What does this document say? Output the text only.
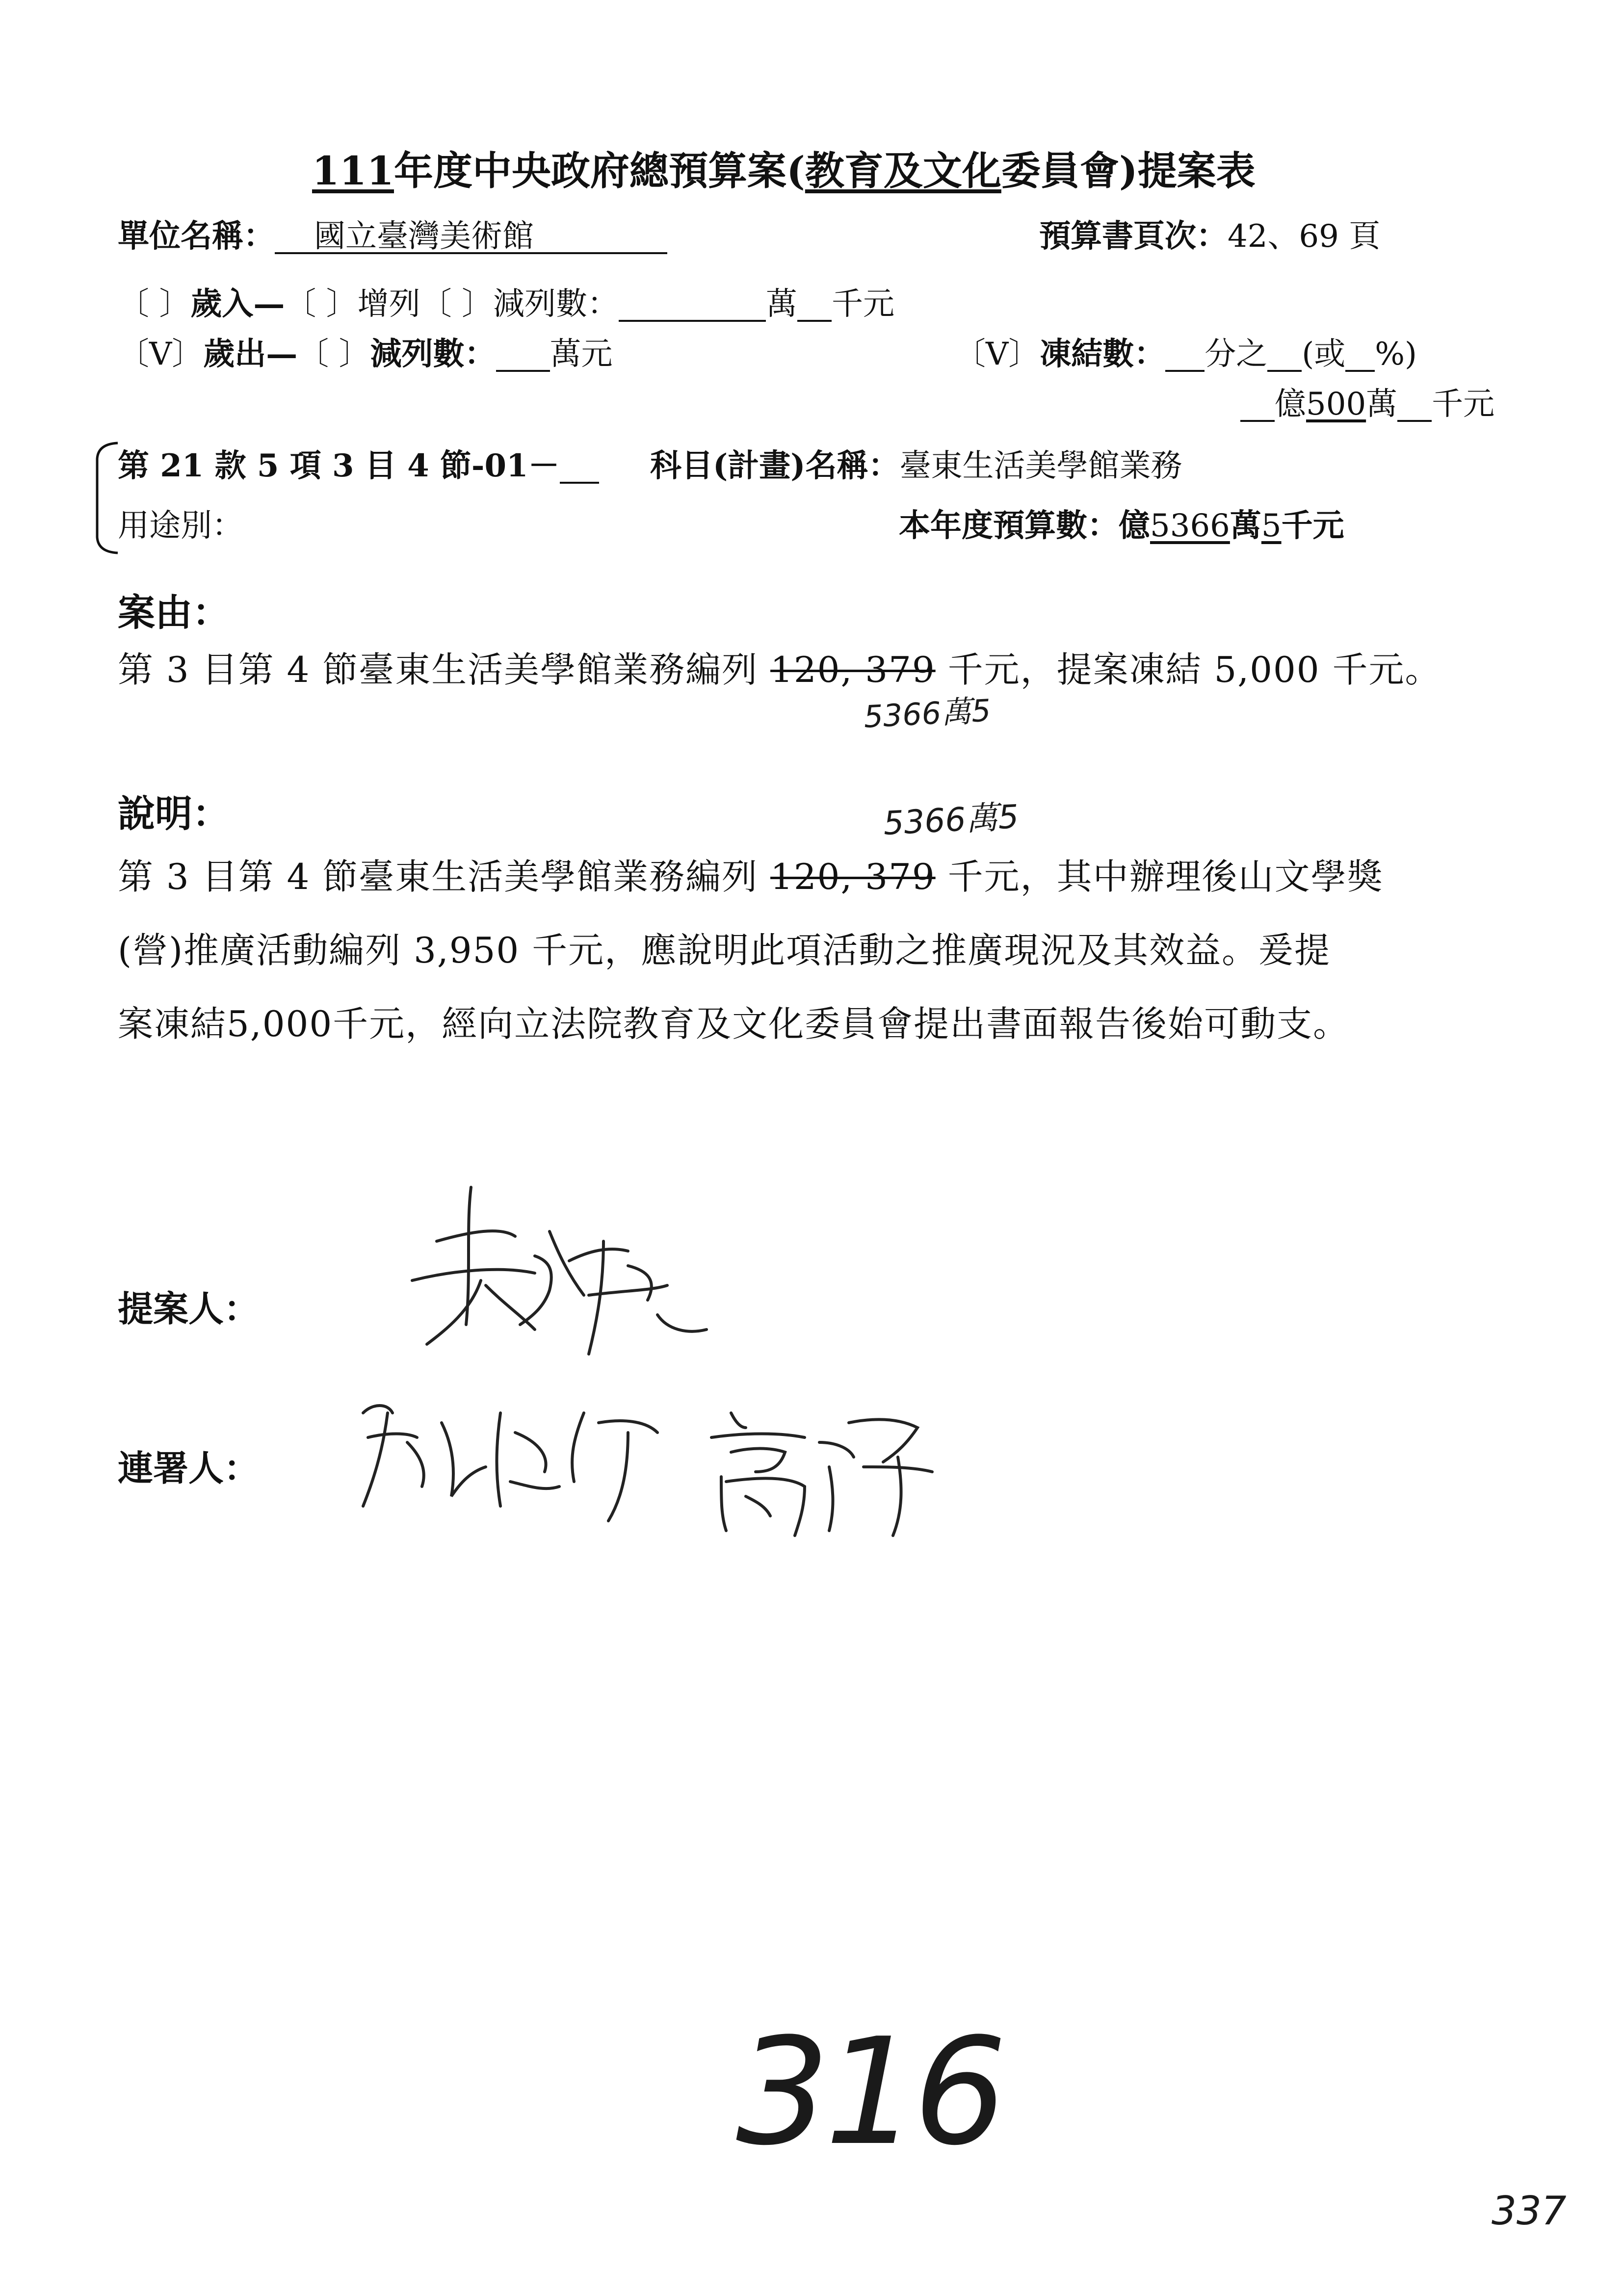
111年度中央政府總預算案(教育及文化委員會)提案表
單位名稱： 國立臺灣美術館	預算書頁次：42、69 頁
〔 〕歲入—〔 〕增列〔 〕減列數：	萬 千元
〔V〕歲出—〔 〕減列數： 萬元	〔V〕凍結數： 分之 (或 %)
億500萬 千元
第 21 款 5 項 3 目 4 節-01－	科目(計畫)名稱：臺東生活美學館業務
用途別：	本年度預算數：億5366萬5千元
案由：
第 3 目第 4 節臺東生活美學館業務編列 120, 379 千元，提案凍結 5,000 千元。
5366萬5
說明：	5366萬5
第 3 目第 4 節臺東生活美學館業務編列 120, 379 千元，其中辦理後山文學獎
(營)推廣活動編列 3,950 千元，應說明此項活動之推廣現況及其效益。爰提
案凍結5,000千元，經向立法院教育及文化委員會提出書面報告後始可動支。
提案人：
連署人：
316
337
